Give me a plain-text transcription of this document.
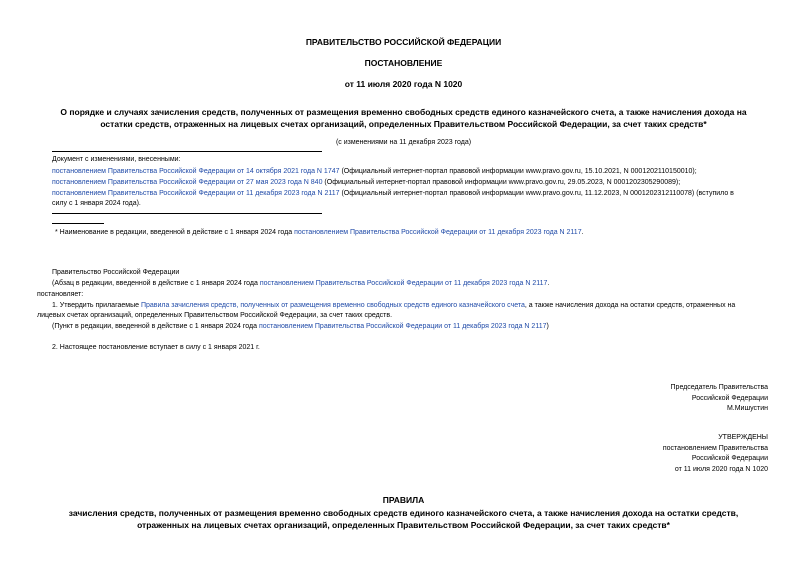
ПРАВИТЕЛЬСТВО РОССИЙСКОЙ ФЕДЕРАЦИИ
ПОСТАНОВЛЕНИЕ
от 11 июля 2020 года N 1020
О порядке и случаях зачисления средств, полученных от размещения временно свободных средств единого казначейского счета, а также начисления дохода на
остатки средств, отраженных на лицевых счетах организаций, определенных Правительством Российской Федерации, за счет таких средств*
(с изменениями на 11 декабря 2023 года)
Документ с изменениями, внесенными:
постановлением Правительства Российской Федерации от 14 октября 2021 года N 1747 (Официальный интернет-портал правовой информации www.pravo.gov.ru, 15.10.2021, N 0001202110150010);
постановлением Правительства Российской Федерации от 27 мая 2023 года N 840 (Официальный интернет-портал правовой информации www.pravo.gov.ru, 29.05.2023, N 0001202305290089);
постановлением Правительства Российской Федерации от 11 декабря 2023 года N 2117 (Официальный интернет-портал правовой информации www.pravo.gov.ru, 11.12.2023, N 0001202312110078) (вступило в
силу с 1 января 2024 года).
* Наименование в редакции, введенной в действие с 1 января 2024 года постановлением Правительства Российской Федерации от 11 декабря 2023 года N 2117.
Правительство Российской Федерации
(Абзац в редакции, введенной в действие с 1 января 2024 года постановлением Правительства Российской Федерации от 11 декабря 2023 года N 2117.
постановляет:
1. Утвердить прилагаемые Правила зачисления средств, полученных от размещения временно свободных средств единого казначейского счета, а также начисления дохода на остатки средств, отраженных на
лицевых счетах организаций, определенных Правительством Российской Федерации, за счет таких средств.
(Пункт в редакции, введенной в действие с 1 января 2024 года постановлением Правительства Российской Федерации от 11 декабря 2023 года N 2117)
2. Настоящее постановление вступает в силу с 1 января 2021 г.
Председатель Правительства
Российской Федерации
М.Мишустин
УТВЕРЖДЕНЫ
постановлением Правительства
Российской Федерации
от 11 июля 2020 года N 1020
ПРАВИЛА
зачисления средств, полученных от размещения временно свободных средств единого казначейского счета, а также начисления дохода на остатки средств,
отраженных на лицевых счетах организаций, определенных Правительством Российской Федерации, за счет таких средств*
